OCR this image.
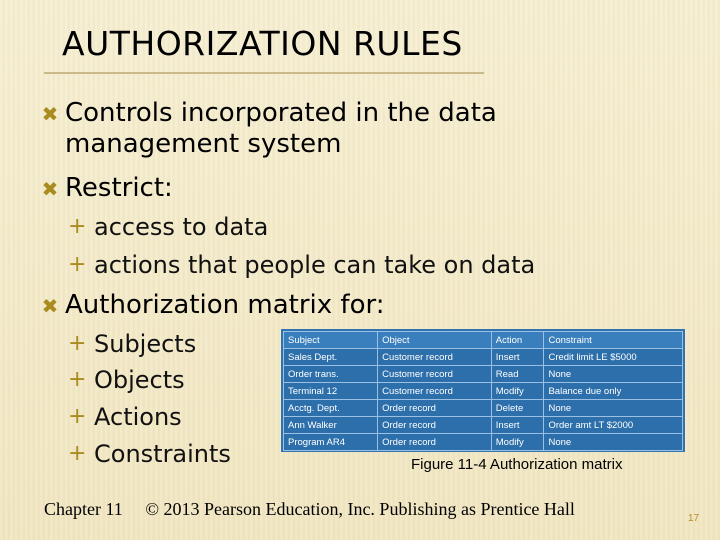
AUTHORIZATION RULES
✖ Controls incorporated in the data management system
✖ Restrict:
+ access to data
+ actions that people can take on data
✖ Authorization matrix for:
+ Subjects
+ Objects
+ Actions
+ Constraints
Subject	Object	Action	Constraint
Sales Dept.	Customer record	Insert	Credit limit LE $5000
Order trans.	Customer record	Read	None
Terminal 12	Customer record	Modify	Balance due only
Acctg. Dept.	Order record	Delete	None
Ann Walker	Order record	Insert	Order amt LT $2000
Program AR4	Order record	Modify	None
Figure 11-4 Authorization matrix
Chapter 11 © 2013 Pearson Education, Inc. Publishing as Prentice Hall	17
